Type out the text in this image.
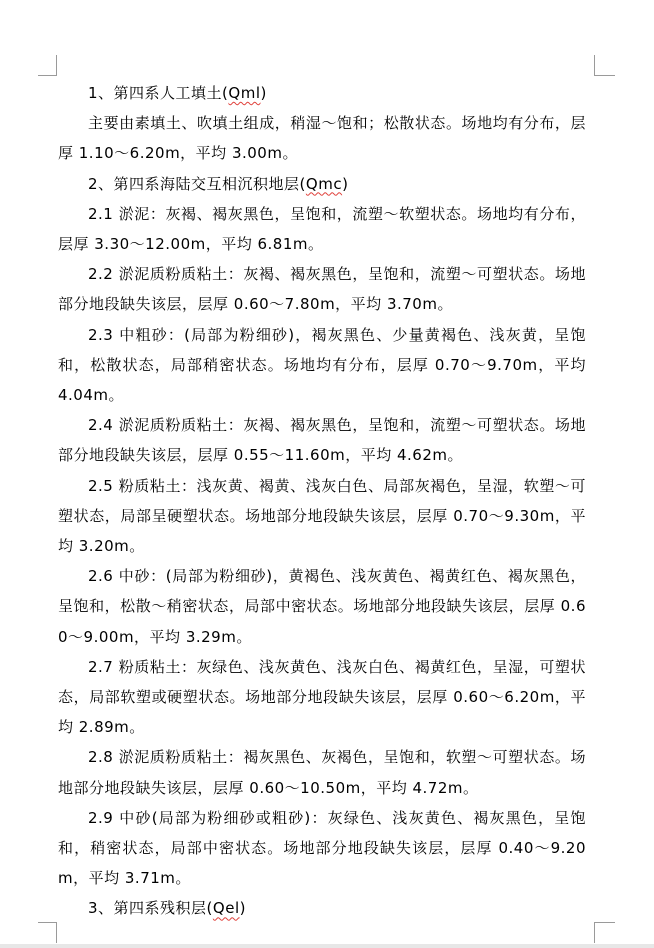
1、第四系人工填土(Qml)

主要由素填土、吹填土组成，稍湿～饱和；松散状态。场地均有分布，层厚 1.10～6.20m，平均 3.00m。

2、第四系海陆交互相沉积地层(Qmc)

2.1 淤泥：灰褐、褐灰黑色，呈饱和，流塑～软塑状态。场地均有分布，层厚 3.30～12.00m，平均 6.81m。

2.2 淤泥质粉质粘土：灰褐、褐灰黑色，呈饱和，流塑～可塑状态。场地部分地段缺失该层，层厚 0.60～7.80m，平均 3.70m。

2.3 中粗砂：(局部为粉细砂)，褐灰黑色、少量黄褐色、浅灰黄，呈饱和，松散状态，局部稍密状态。场地均有分布，层厚 0.70～9.70m，平均 4.04m。

2.4 淤泥质粉质粘土：灰褐、褐灰黑色，呈饱和，流塑～可塑状态。场地部分地段缺失该层，层厚 0.55～11.60m，平均 4.62m。

2.5 粉质粘土：浅灰黄、褐黄、浅灰白色、局部灰褐色，呈湿，软塑～可塑状态，局部呈硬塑状态。场地部分地段缺失该层，层厚 0.70～9.30m，平均 3.20m。

2.6 中砂：(局部为粉细砂)，黄褐色、浅灰黄色、褐黄红色、褐灰黑色，呈饱和，松散～稍密状态，局部中密状态。场地部分地段缺失该层，层厚 0.60～9.00m，平均 3.29m。

2.7 粉质粘土：灰绿色、浅灰黄色、浅灰白色、褐黄红色，呈湿，可塑状态，局部软塑或硬塑状态。场地部分地段缺失该层，层厚 0.60～6.20m，平均 2.89m。

2.8 淤泥质粉质粘土：褐灰黑色、灰褐色，呈饱和，软塑～可塑状态。场地部分地段缺失该层，层厚 0.60～10.50m，平均 4.72m。

2.9 中砂(局部为粉细砂或粗砂)：灰绿色、浅灰黄色、褐灰黑色，呈饱和，稍密状态，局部中密状态。场地部分地段缺失该层，层厚 0.40～9.20m，平均 3.71m。

3、第四系残积层(Qel)
